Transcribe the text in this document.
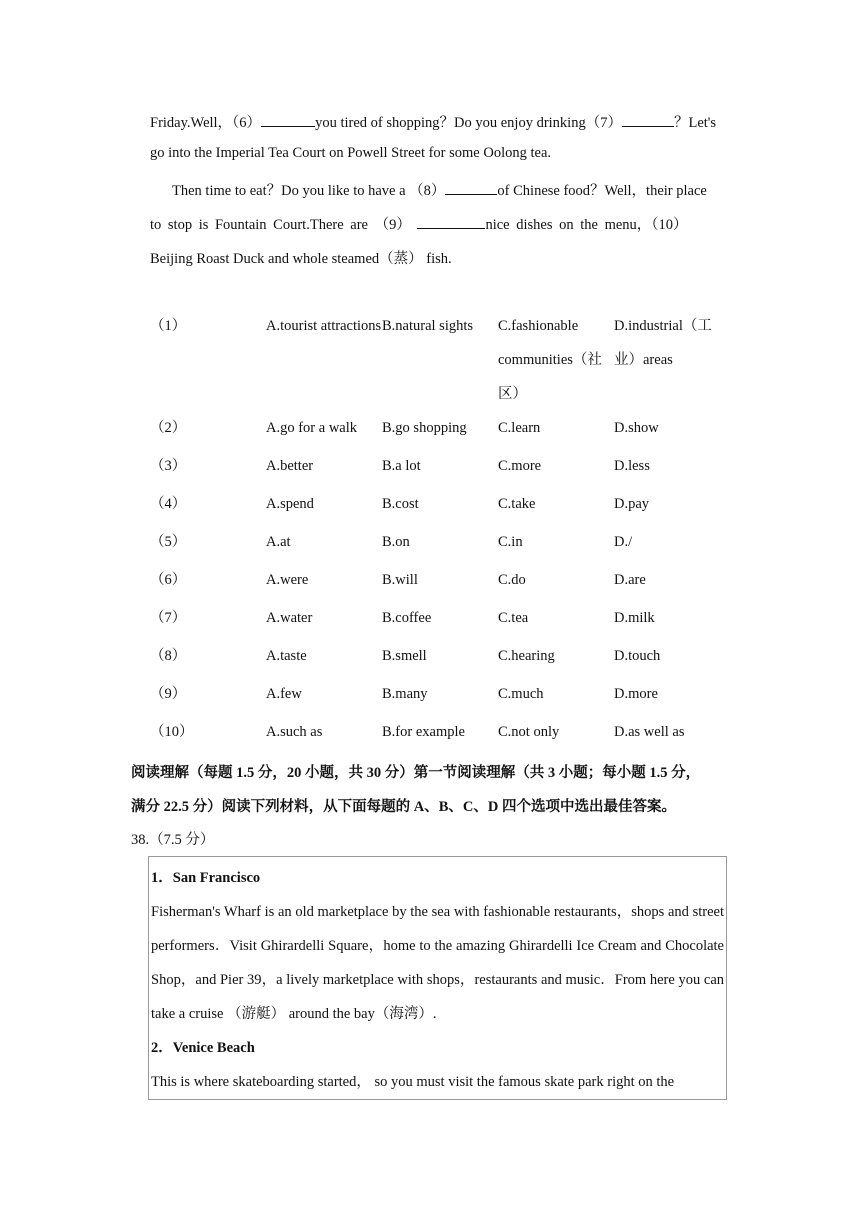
Friday.Well，（6）	you tired of shopping？Do you enjoy drinking（7）	？Let's
go into the Imperial Tea Court on Powell Street for some Oolong tea.
Then time to eat？Do you like to have a （8）	of Chinese food？Well，their place
to stop is Fountain Court.There are （9）	nice dishes on the menu，（10）
Beijing Roast Duck and whole steamed（蒸） fish.
（1）	A.tourist attractions	B.natural sights	C.fashionable communities（社区）	D.industrial（工业）areas
（2）	A.go for a walk	B.go shopping	C.learn	D.show
（3）	A.better	B.a lot	C.more	D.less
（4）	A.spend	B.cost	C.take	D.pay
（5）	A.at	B.on	C.in	D./
（6）	A.were	B.will	C.do	D.are
（7）	A.water	B.coffee	C.tea	D.milk
（8）	A.taste	B.smell	C.hearing	D.touch
（9）	A.few	B.many	C.much	D.more
（10）	A.such as	B.for example	C.not only	D.as well as
阅读理解（每题 1.5 分，20 小题，共 30 分）第一节阅读理解（共 3 小题；每小题 1.5 分，
满分 22.5 分）阅读下列材料，从下面每题的 A、B、C、D 四个选项中选出最佳答案。
38.（7.5 分）
1．San Francisco
Fisherman's Wharf is an old marketplace by the sea with fashionable restaurants，shops and street performers．Visit Ghirardelli Square，home to the amazing Ghirardelli Ice Cream and Chocolate Shop，and Pier 39，a lively marketplace with shops，restaurants and music．From here you can take a cruise （游艇） around the bay（海湾）.
2．Venice Beach
This is where skateboarding started， so you must visit the famous skate park right on the
